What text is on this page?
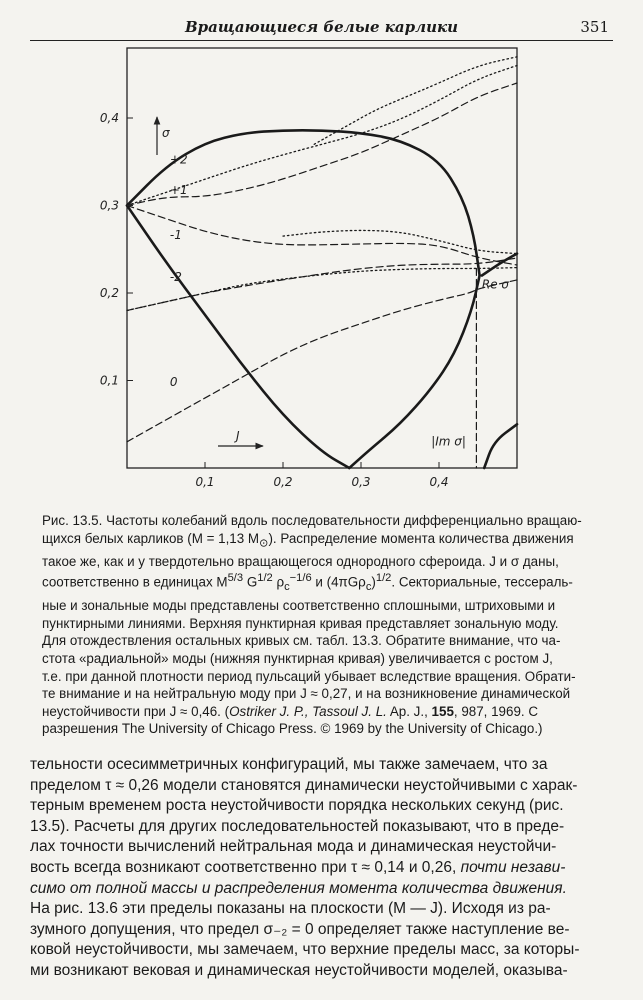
Вращающиеся белые карлики	351
0,1	0,2	0,3	0,4
0,1
0,2
0,3
0,4
+2
+1
-1
-2
0
Re σ
|Im σ|
σ
J

Рис. 13.5. Частоты колебаний вдоль последовательности дифференциально вращаю-

щихся белых карликов (М = 1,13 $М_⊙$). Распределение момента количества движения

такое же, как и у твердотельно вращающегося однородного сфероида. J и σ даны,

соответственно в единицах $M^{5/3}$ $G^{1/2}$ $\rho_c^{-1/6}$ и $(4\pi G\rho_c)^{1/2}$. Секториальные, тессераль-

ные и зональные моды представлены соответственно сплошными, штриховыми и

пунктирными линиями. Верхняя пунктирная кривая представляет зональную моду.

Для отождествления остальных кривых см. табл. 13.3. Обратите внимание, что ча-

стота «радиальной» моды (нижняя пунктирная кривая) увеличивается с ростом J,

т.е. при данной плотности период пульсаций убывает вследствие вращения. Обрати-

те внимание и на нейтральную моду при J ≈ 0,27, и на возникновение динамической

неустойчивости при J ≈ 0,46. (Ostriker J. P., Tassoul J. L. Ap. J., 155, 987, 1969. С

разрешения The University of Chicago Press. © 1969 by the University of Chicago.)

тельности осесимметричных конфигураций, мы также замечаем, что за

пределом τ ≈ 0,26 модели становятся динамически неустойчивыми с харак-

терным временем роста неустойчивости порядка нескольких секунд (рис.

13.5). Расчеты для других последовательностей показывают, что в преде-

лах точности вычислений нейтральная мода и динамическая неустойчи-

вость всегда возникают соответственно при τ ≈ 0,14 и 0,26, почти незави-

симо от полной массы и распределения момента количества движения.

На рис. 13.6 эти пределы показаны на плоскости (М — J). Исходя из ра-

зумного допущения, что предел σ₋₂ = 0 определяет также наступление ве-

ковой неустойчивости, мы замечаем, что верхние пределы масс, за которы-

ми возникают вековая и динамическая неустойчивости моделей, оказыва-
